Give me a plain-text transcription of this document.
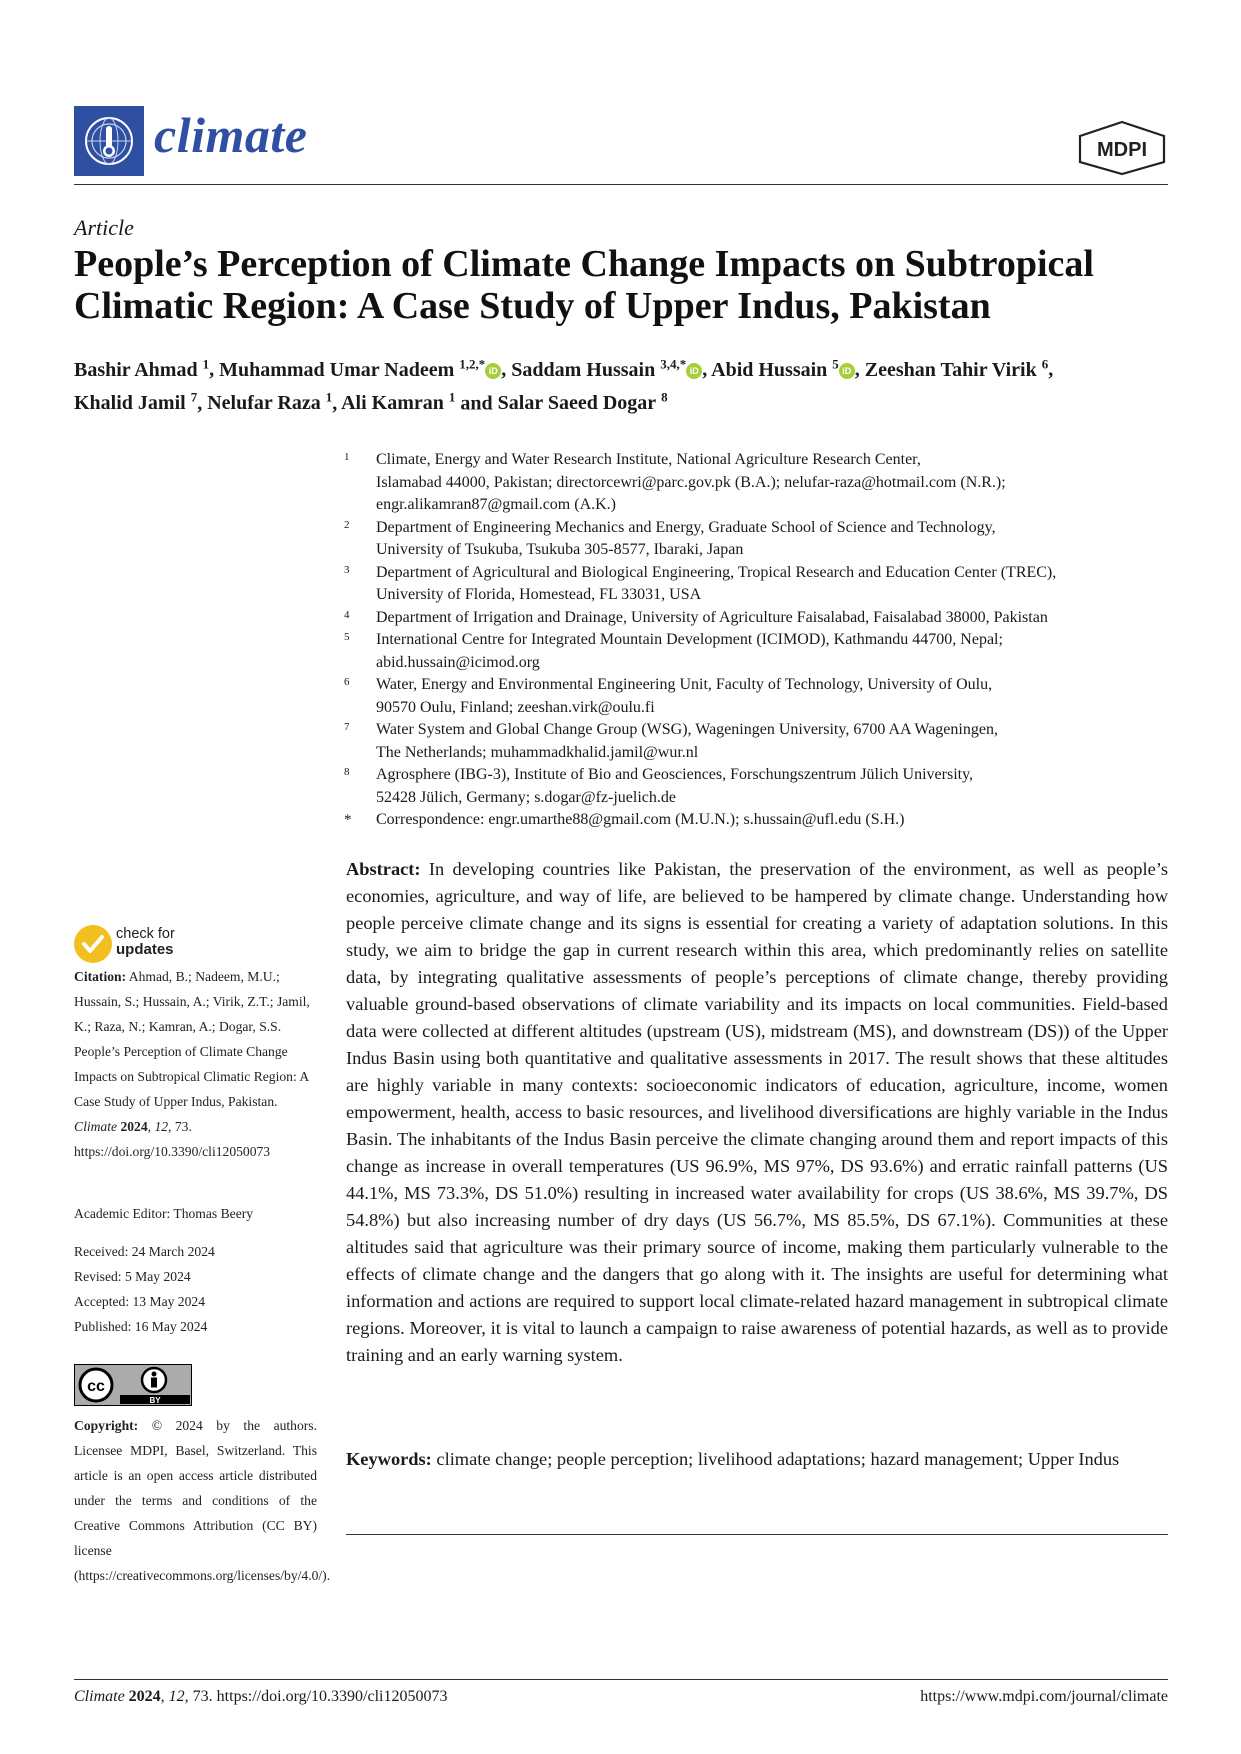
climate	MDPI
Article
People’s Perception of Climate Change Impacts on Subtropical Climatic Region: A Case Study of Upper Indus, Pakistan
Bashir Ahmad $^1$, Muhammad Umar Nadeem $^{1,2,*}$ iD , Saddam Hussain $^{3,4,*}$ iD , Abid Hussain $^5$ iD , Zeeshan Tahir Virik $^6$,
Khalid Jamil $^7$, Nelufar Raza $^1$, Ali Kamran $^1$ and Salar Saeed Dogar $^8$
1 Climate, Energy and Water Research Institute, National Agriculture Research Center,
Islamabad 44000, Pakistan; directorcewri@parc.gov.pk (B.A.); nelufar-raza@hotmail.com (N.R.);
engr.alikamran87@gmail.com (A.K.)
2 Department of Engineering Mechanics and Energy, Graduate School of Science and Technology,
University of Tsukuba, Tsukuba 305-8577, Ibaraki, Japan
3 Department of Agricultural and Biological Engineering, Tropical Research and Education Center (TREC),
University of Florida, Homestead, FL 33031, USA
4 Department of Irrigation and Drainage, University of Agriculture Faisalabad, Faisalabad 38000, Pakistan
5 International Centre for Integrated Mountain Development (ICIMOD), Kathmandu 44700, Nepal;
abid.hussain@icimod.org
6 Water, Energy and Environmental Engineering Unit, Faculty of Technology, University of Oulu,
90570 Oulu, Finland; zeeshan.virk@oulu.fi
7 Water System and Global Change Group (WSG), Wageningen University, 6700 AA Wageningen,
The Netherlands; muhammadkhalid.jamil@wur.nl
8 Agrosphere (IBG-3), Institute of Bio and Geosciences, Forschungszentrum Jülich University,
52428 Jülich, Germany; s.dogar@fz-juelich.de
* Correspondence: engr.umarthe88@gmail.com (M.U.N.); s.hussain@ufl.edu (S.H.)
Abstract: In developing countries like Pakistan, the preservation of the environment, as well as people’s economies, agriculture, and way of life, are believed to be hampered by climate change. Understanding how people perceive climate change and its signs is essential for creating a variety of adaptation solutions. In this study, we aim to bridge the gap in current research within this area, which predominantly relies on satellite data, by integrating qualitative assessments of people’s perceptions of climate change, thereby providing valuable ground-based observations of climate variability and its impacts on local communities. Field-based data were collected at different altitudes (upstream (US), midstream (MS), and downstream (DS)) of the Upper Indus Basin using both quantitative and qualitative assessments in 2017. The result shows that these altitudes are highly variable in many contexts: socioeconomic indicators of education, agriculture, income, women empowerment, health, access to basic resources, and livelihood diversifications are highly variable in the Indus Basin. The inhabitants of the Indus Basin perceive the climate changing around them and report impacts of this change as increase in overall temperatures (US 96.9%, MS 97%, DS 93.6%) and erratic rainfall patterns (US 44.1%, MS 73.3%, DS 51.0%) resulting in increased water availability for crops (US 38.6%, MS 39.7%, DS 54.8%) but also increasing number of dry days (US 56.7%, MS 85.5%, DS 67.1%). Communities at these altitudes said that agriculture was their primary source of income, making them particularly vulnerable to the effects of climate change and the dangers that go along with it. The insights are useful for determining what information and actions are required to support local climate-related hazard management in subtropical climate regions. Moreover, it is vital to launch a campaign to raise awareness of potential hazards, as well as to provide training and an early warning system.
Keywords: climate change; people perception; livelihood adaptations; hazard management; Upper Indus
check for
updates
Citation: Ahmad, B.; Nadeem, M.U.; Hussain, S.; Hussain, A.; Virik, Z.T.; Jamil, K.; Raza, N.; Kamran, A.; Dogar, S.S. People’s Perception of Climate Change Impacts on Subtropical Climatic Region: A Case Study of Upper Indus, Pakistan. Climate 2024, 12, 73. https://doi.org/10.3390/cli12050073
Academic Editor: Thomas Beery
Received: 24 March 2024
Revised: 5 May 2024
Accepted: 13 May 2024
Published: 16 May 2024
cc
BY
Copyright: © 2024 by the authors. Licensee MDPI, Basel, Switzerland. This article is an open access article distributed under the terms and conditions of the Creative Commons Attribution (CC BY) license (https://creativecommons.org/licenses/by/4.0/).
Climate 2024, 12, 73. https://doi.org/10.3390/cli12050073	https://www.mdpi.com/journal/climate
